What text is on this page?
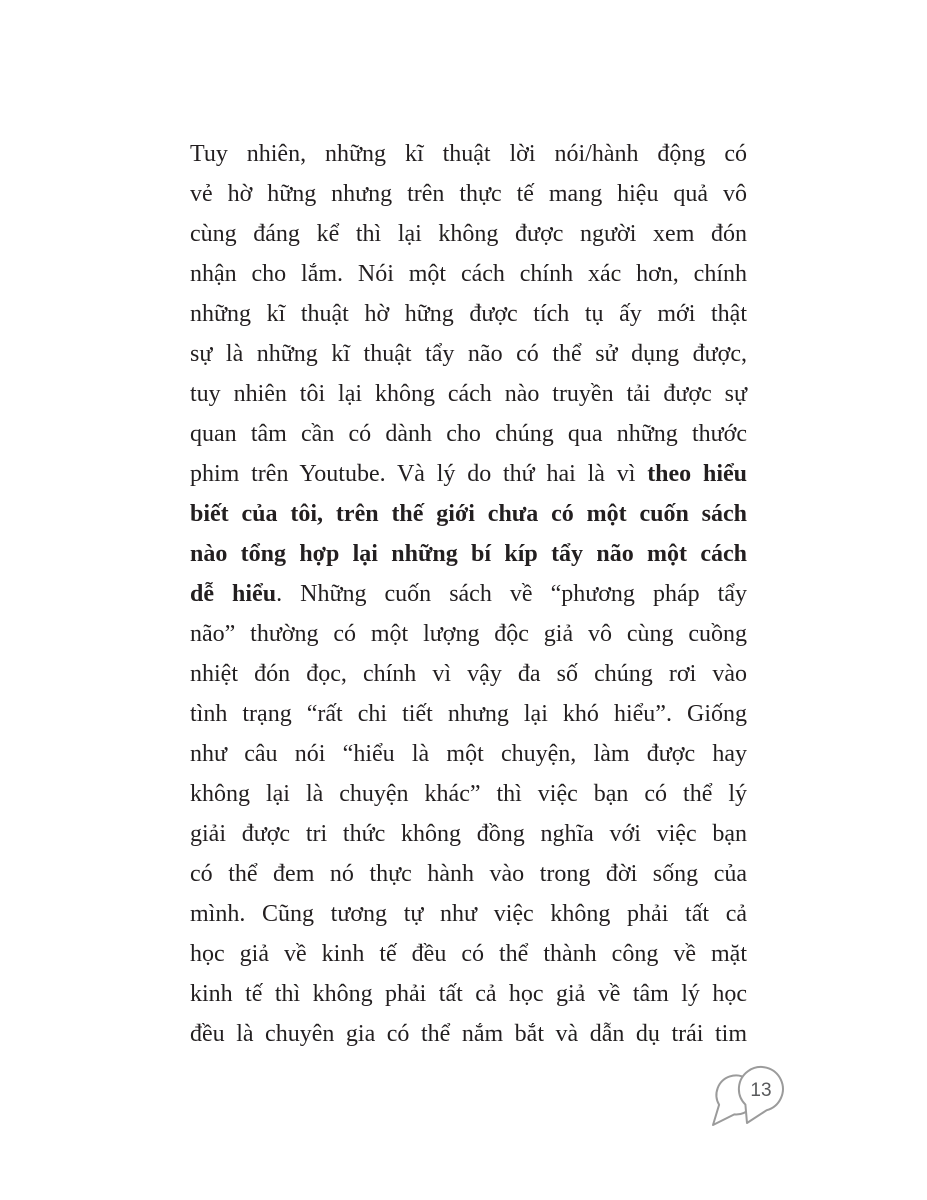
Tuy nhiên, những kĩ thuật lời nói/hành động có
vẻ hờ hững nhưng trên thực tế mang hiệu quả vô
cùng đáng kể thì lại không được người xem đón
nhận cho lắm. Nói một cách chính xác hơn, chính
những kĩ thuật hờ hững được tích tụ ấy mới thật
sự là những kĩ thuật tẩy não có thể sử dụng được,
tuy nhiên tôi lại không cách nào truyền tải được sự
quan tâm cần có dành cho chúng qua những thước
phim trên Youtube. Và lý do thứ hai là vì theo hiểu
biết của tôi, trên thế giới chưa có một cuốn sách
nào tổng hợp lại những bí kíp tẩy não một cách
dễ hiểu. Những cuốn sách về “phương pháp tẩy
não” thường có một lượng độc giả vô cùng cuồng
nhiệt đón đọc, chính vì vậy đa số chúng rơi vào
tình trạng “rất chi tiết nhưng lại khó hiểu”. Giống
như câu nói “hiểu là một chuyện, làm được hay
không lại là chuyện khác” thì việc bạn có thể lý
giải được tri thức không đồng nghĩa với việc bạn
có thể đem nó thực hành vào trong đời sống của
mình. Cũng tương tự như việc không phải tất cả
học giả về kinh tế đều có thể thành công về mặt
kinh tế thì không phải tất cả học giả về tâm lý học
đều là chuyên gia có thể nắm bắt và dẫn dụ trái tim
13
